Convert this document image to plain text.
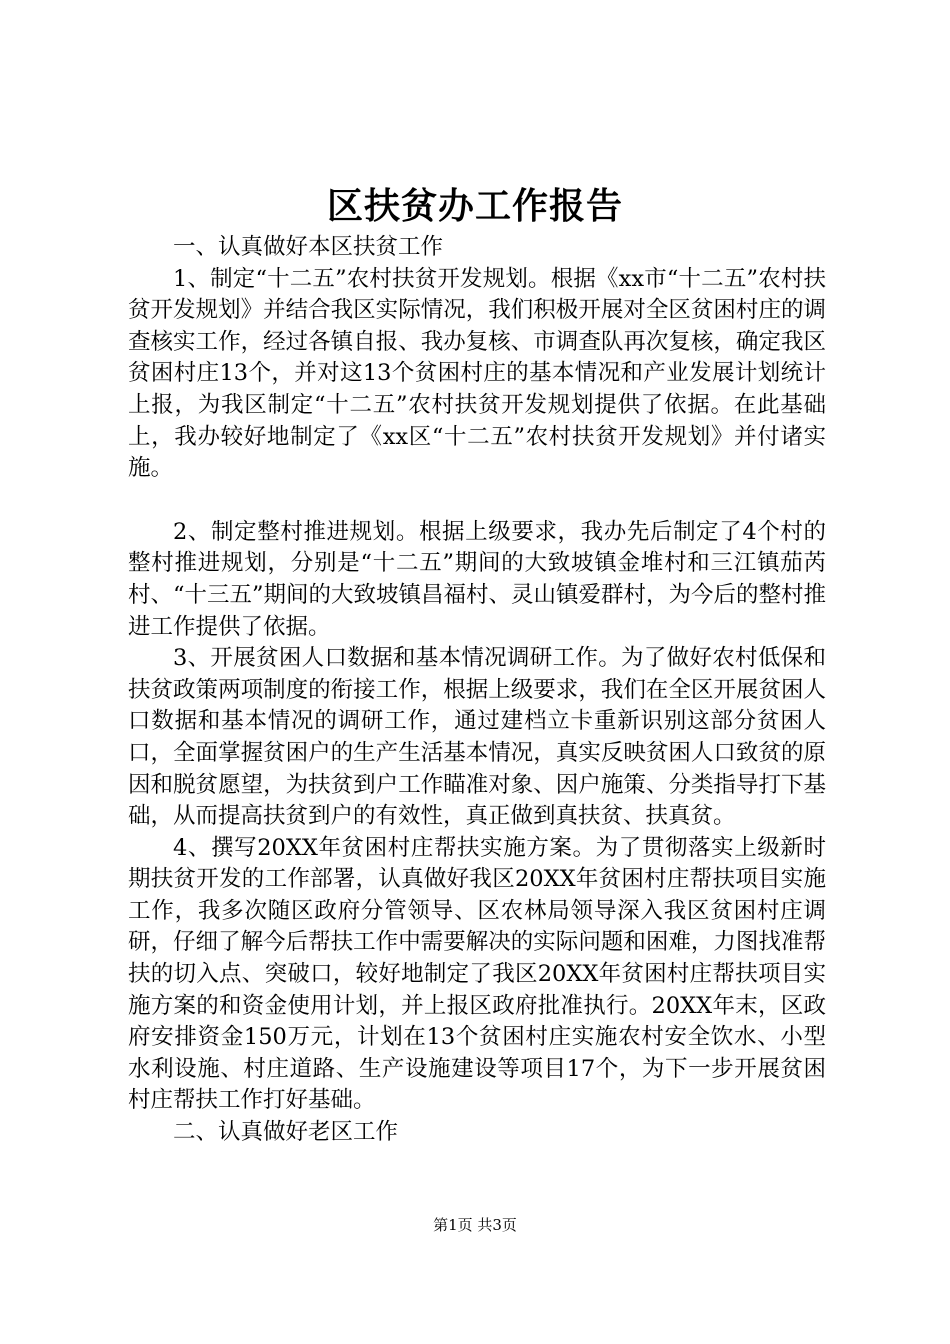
区扶贫办工作报告

一、认真做好本区扶贫工作

1、制定“十二五”农村扶贫开发规划。根据《xx市“十二五”农村扶贫开发规划》并结合我区实际情况，我们积极开展对全区贫困村庄的调查核实工作，经过各镇自报、我办复核、市调查队再次复核，确定我区贫困村庄13个，并对这13个贫困村庄的基本情况和产业发展计划统计上报，为我区制定“十二五”农村扶贫开发规划提供了依据。在此基础上，我办较好地制定了《xx区“十二五”农村扶贫开发规划》并付诸实施。

2、制定整村推进规划。根据上级要求，我办先后制定了4个村的整村推进规划，分别是“十二五”期间的大致坡镇金堆村和三江镇茄芮村、“十三五”期间的大致坡镇昌福村、灵山镇爱群村，为今后的整村推进工作提供了依据。

3、开展贫困人口数据和基本情况调研工作。为了做好农村低保和扶贫政策两项制度的衔接工作，根据上级要求，我们在全区开展贫困人口数据和基本情况的调研工作，通过建档立卡重新识别这部分贫困人口，全面掌握贫困户的生产生活基本情况，真实反映贫困人口致贫的原因和脱贫愿望，为扶贫到户工作瞄准对象、因户施策、分类指导打下基础，从而提高扶贫到户的有效性，真正做到真扶贫、扶真贫。

4、撰写20XX年贫困村庄帮扶实施方案。为了贯彻落实上级新时期扶贫开发的工作部署，认真做好我区20XX年贫困村庄帮扶项目实施工作，我多次随区政府分管领导、区农林局领导深入我区贫困村庄调研，仔细了解今后帮扶工作中需要解决的实际问题和困难，力图找准帮扶的切入点、突破口，较好地制定了我区20XX年贫困村庄帮扶项目实施方案的和资金使用计划，并上报区政府批准执行。20XX年末，区政府安排资金150万元，计划在13个贫困村庄实施农村安全饮水、小型水利设施、村庄道路、生产设施建设等项目17个，为下一步开展贫困村庄帮扶工作打好基础。

二、认真做好老区工作

第1页 共3页
